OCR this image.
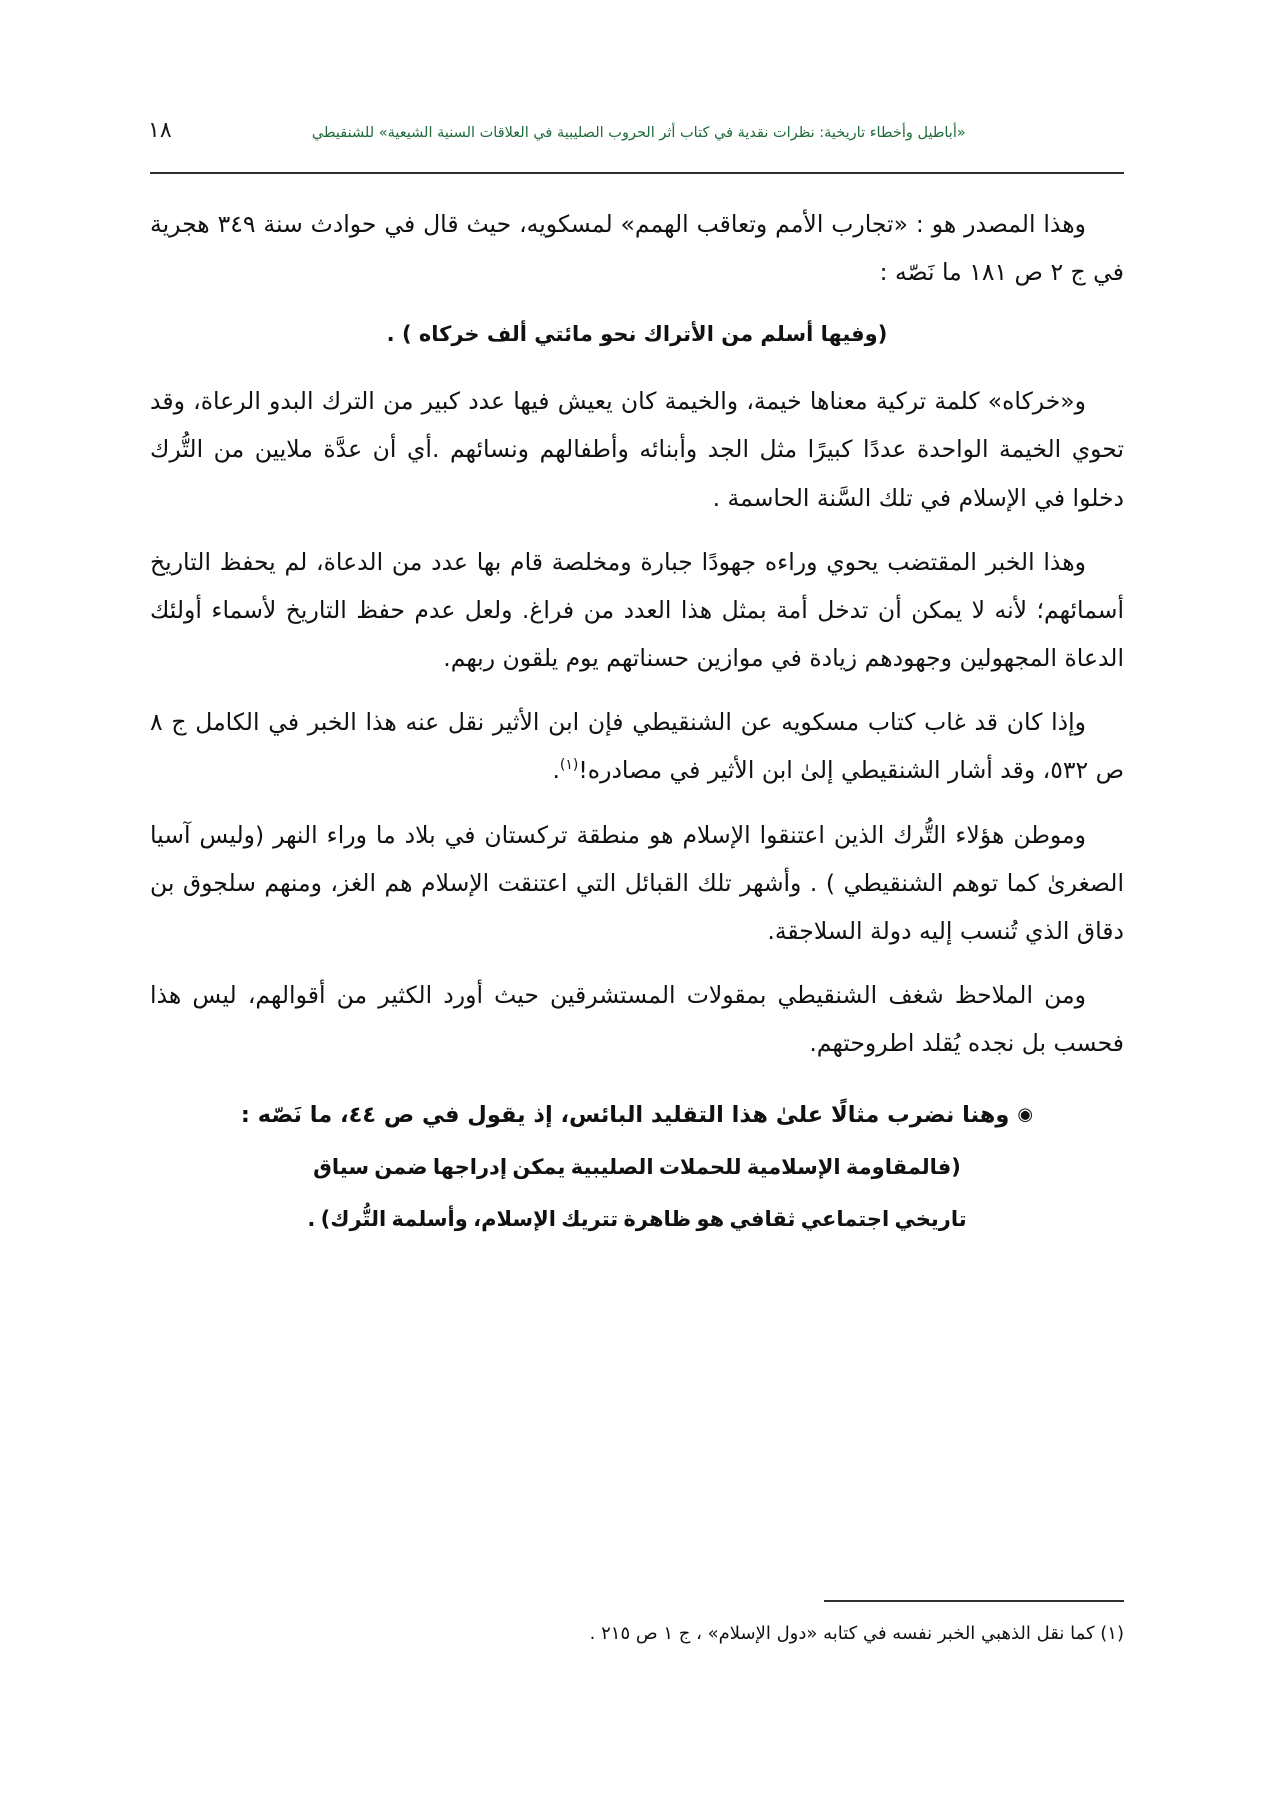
١٨	«أباطيل وأخطاء تاريخية: نظرات نقدية في كتاب أثر الحروب الصليبية في العلاقات السنية الشيعية» للشنقيطي

وهذا المصدر هو : «تجارب الأمم وتعاقب الهمم» لمسكويه، حيث قال في حوادث سنة ٣٤٩ هجرية في ج ٢ ص ١٨١ ما نَصّه :

(وفيها أسلم من الأتراك نحو مائتي ألف خركاه ) .

و«خركاه» كلمة تركية معناها خيمة، والخيمة كان يعيش فيها عدد كبير من الترك البدو الرعاة، وقد تحوي الخيمة الواحدة عددًا كبيرًا مثل الجد وأبنائه وأطفالهم ونسائهم .أي أن عدَّة ملايين من التُّرك دخلوا في الإسلام في تلك السَّنة الحاسمة .

وهذا الخبر المقتضب يحوي وراءه جهودًا جبارة ومخلصة قام بها عدد من الدعاة، لم يحفظ التاريخ أسمائهم؛ لأنه لا يمكن أن تدخل أمة بمثل هذا العدد من فراغ. ولعل عدم حفظ التاريخ لأسماء أولئك الدعاة المجهولين وجهودهم زيادة في موازين حسناتهم يوم يلقون ربهم.

وإذا كان قد غاب كتاب مسكويه عن الشنقيطي فإن ابن الأثير نقل عنه هذا الخبر في الكامل ج ٨ ص ٥٣٢، وقد أشار الشنقيطي إلىٰ ابن الأثير في مصادره!$^{(١)}$.

وموطن هؤلاء التُّرك الذين اعتنقوا الإسلام هو منطقة تركستان في بلاد ما وراء النهر (وليس آسيا الصغرىٰ كما توهم الشنقيطي ) . وأشهر تلك القبائل التي اعتنقت الإسلام هم الغز، ومنهم سلجوق بن دقاق الذي تُنسب إليه دولة السلاجقة.

ومن الملاحظ شغف الشنقيطي بمقولات المستشرقين حيث أورد الكثير من أقوالهم، ليس هذا فحسب بل نجده يُقلد اطروحتهم.

◉وهنا نضرب مثالًا علىٰ هذا التقليد البائس، إذ يقول في ص ٤٤، ما نَصّه :

(فالمقاومة الإسلامية للحملات الصليبية يمكن إدراجها ضمن سياق

تاريخي اجتماعي ثقافي هو ظاهرة تتريك الإسلام، وأسلمة التُّرك) .

(١) كما نقل الذهبي الخبر نفسه في كتابه «دول الإسلام» ، ج ١ ص ٢١٥ .
